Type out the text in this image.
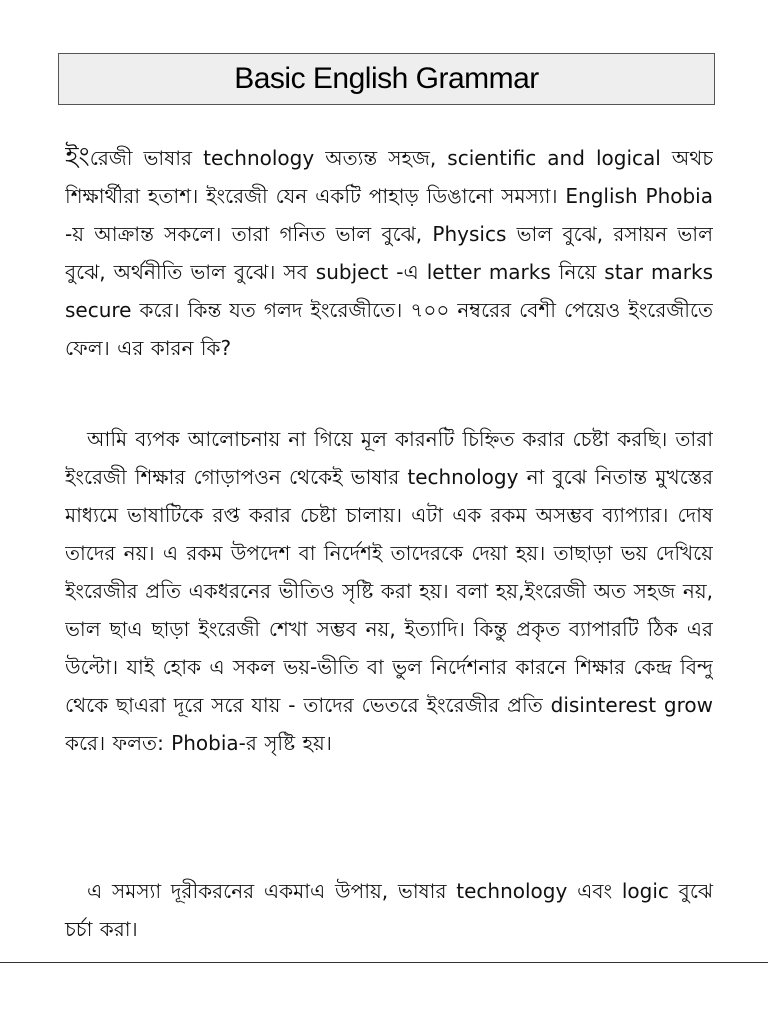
Basic English Grammar

ইংরেজী ভাষার technology অত্যন্ত সহজ, scientific and logical অথচ শিক্ষার্থীরা হতাশ। ইংরেজী যেন একটি পাহাড় ডিঙানো সমস্যা। English Phobia -য় আক্রান্ত সকলে। তারা গনিত ভাল বুঝে, Physics ভাল বুঝে, রসায়ন ভাল বুঝে, অর্থনীতি ভাল বুঝে। সব subject -এ letter marks নিয়ে star marks secure করে। কিন্ত যত গলদ ইংরেজীতে। ৭০০ নম্বরের বেশী পেয়েও ইংরেজীতে ফেল। এর কারন কি?

আমি ব্যপক আলোচনায় না গিয়ে মূল কারনটি চিহ্নিত করার চেষ্টা করছি। তারা ইংরেজী শিক্ষার গোড়াপওন থেকেই ভাষার technology না বুঝে নিতান্ত মুখস্তের মাধ্যমে ভাষাটিকে রপ্ত করার চেষ্টা চালায়। এটা এক রকম অসম্ভব ব্যাপ্যার। দোষ তাদের নয়। এ রকম উপদেশ বা নির্দেশই তাদেরকে দেয়া হয়। তাছাড়া ভয় দেখিয়ে ইংরেজীর প্রতি একধরনের ভীতিও সৃষ্টি করা হয়। বলা হয়,ইংরেজী অত সহজ নয়, ভাল ছাএ ছাড়া ইংরেজী শেখা সম্ভব নয়, ইত্যাদি। কিন্তু প্রকৃত ব্যাপারটি ঠিক এর উল্টো। যাই হোক এ সকল ভয়-ভীতি বা ভুল নির্দেশনার কারনে শিক্ষার কেন্দ্র বিন্দু থেকে ছাএরা দূরে সরে যায় - তাদের ভেতরে ইংরেজীর প্রতি disinterest grow করে। ফলত: Phobia-র সৃষ্টি হয়।

এ সমস্যা দূরীকরনের একমাএ উপায়, ভাষার technology এবং logic বুঝে চর্চা করা।
